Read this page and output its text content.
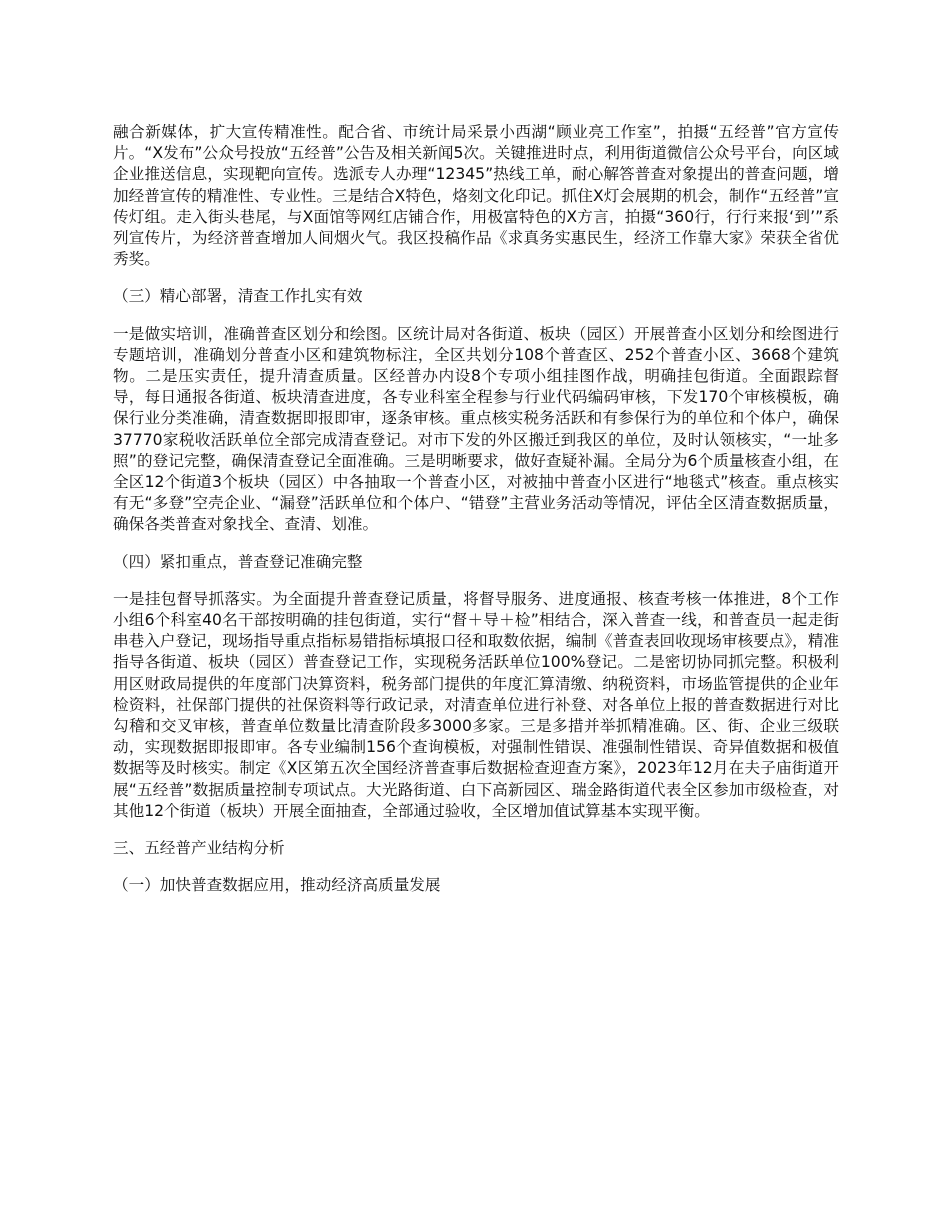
融合新媒体，扩大宣传精准性。配合省、市统计局采景小西湖“顾业亮工作室”，拍摄“五经普”官方宣传片。“X发布”公众号投放“五经普”公告及相关新闻5次。关键推进时点，利用街道微信公众号平台，向区域企业推送信息，实现靶向宣传。选派专人办理“12345”热线工单，耐心解答普查对象提出的普查问题，增加经普宣传的精准性、专业性。三是结合X特色，烙刻文化印记。抓住X灯会展期的机会，制作“五经普”宣传灯组。走入街头巷尾，与X面馆等网红店铺合作，用极富特色的X方言，拍摄“360行，行行来报‘到’”系列宣传片，为经济普查增加人间烟火气。我区投稿作品《求真务实惠民生，经济工作靠大家》荣获全省优秀奖。

（三）精心部署，清查工作扎实有效

一是做实培训，准确普查区划分和绘图。区统计局对各街道、板块（园区）开展普查小区划分和绘图进行专题培训，准确划分普查小区和建筑物标注，全区共划分108个普查区、252个普查小区、3668个建筑物。二是压实责任，提升清查质量。区经普办内设8个专项小组挂图作战，明确挂包街道。全面跟踪督导，每日通报各街道、板块清查进度，各专业科室全程参与行业代码编码审核，下发170个审核模板，确保行业分类准确，清查数据即报即审，逐条审核。重点核实税务活跃和有参保行为的单位和个体户，确保37770家税收活跃单位全部完成清查登记。对市下发的外区搬迁到我区的单位，及时认领核实，“一址多照”的登记完整，确保清查登记全面准确。三是明晰要求，做好查疑补漏。全局分为6个质量核查小组，在全区12个街道3个板块（园区）中各抽取一个普查小区，对被抽中普查小区进行“地毯式”核查。重点核实有无“多登”空壳企业、“漏登”活跃单位和个体户、“错登”主营业务活动等情况，评估全区清查数据质量，确保各类普查对象找全、查清、划准。

（四）紧扣重点，普查登记准确完整

一是挂包督导抓落实。为全面提升普查登记质量，将督导服务、进度通报、核查考核一体推进，8个工作小组6个科室40名干部按明确的挂包街道，实行“督＋导＋检”相结合，深入普查一线，和普查员一起走街串巷入户登记，现场指导重点指标易错指标填报口径和取数依据，编制《普查表回收现场审核要点》，精准指导各街道、板块（园区）普查登记工作，实现税务活跃单位100%登记。二是密切协同抓完整。积极利用区财政局提供的年度部门决算资料，税务部门提供的年度汇算清缴、纳税资料，市场监管提供的企业年检资料，社保部门提供的社保资料等行政记录，对清查单位进行补登、对各单位上报的普查数据进行对比勾稽和交叉审核，普查单位数量比清查阶段多3000多家。三是多措并举抓精准确。区、街、企业三级联动，实现数据即报即审。各专业编制156个查询模板，对强制性错误、准强制性错误、奇异值数据和极值数据等及时核实。制定《X区第五次全国经济普查事后数据检查迎查方案》，2023年12月在夫子庙街道开展“五经普”数据质量控制专项试点。大光路街道、白下高新园区、瑞金路街道代表全区参加市级检查，对其他12个街道（板块）开展全面抽查，全部通过验收，全区增加值试算基本实现平衡。

三、五经普产业结构分析

（一）加快普查数据应用，推动经济高质量发展
